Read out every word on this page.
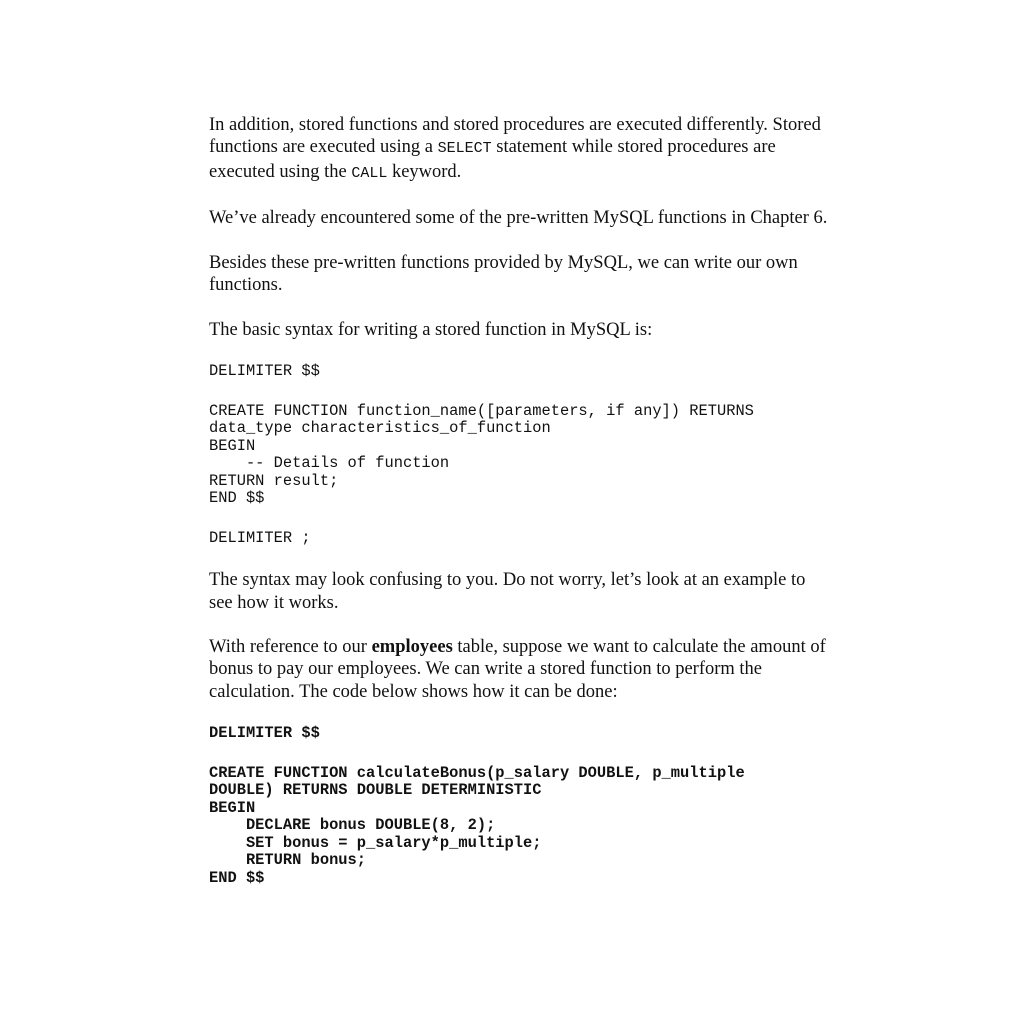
In addition, stored functions and stored procedures are executed differently. Stored functions are executed using a SELECT statement while stored procedures are executed using the CALL keyword.

We’ve already encountered some of the pre-written MySQL functions in Chapter 6.

Besides these pre-written functions provided by MySQL, we can write our own functions.

The basic syntax for writing a stored function in MySQL is:

DELIMITER $$
CREATE FUNCTION function_name([parameters, if any]) RETURNS
data_type characteristics_of_function
BEGIN
-- Details of function
RETURN result;
END $$
DELIMITER ;

The syntax may look confusing to you. Do not worry, let’s look at an example to see how it works.

With reference to our employees table, suppose we want to calculate the amount of bonus to pay our employees. We can write a stored function to perform the calculation. The code below shows how it can be done:

DELIMITER $$
CREATE FUNCTION calculateBonus(p_salary DOUBLE, p_multiple
DOUBLE) RETURNS DOUBLE DETERMINISTIC
BEGIN
DECLARE bonus DOUBLE(8, 2);
SET bonus = p_salary*p_multiple;
RETURN bonus;
END $$
